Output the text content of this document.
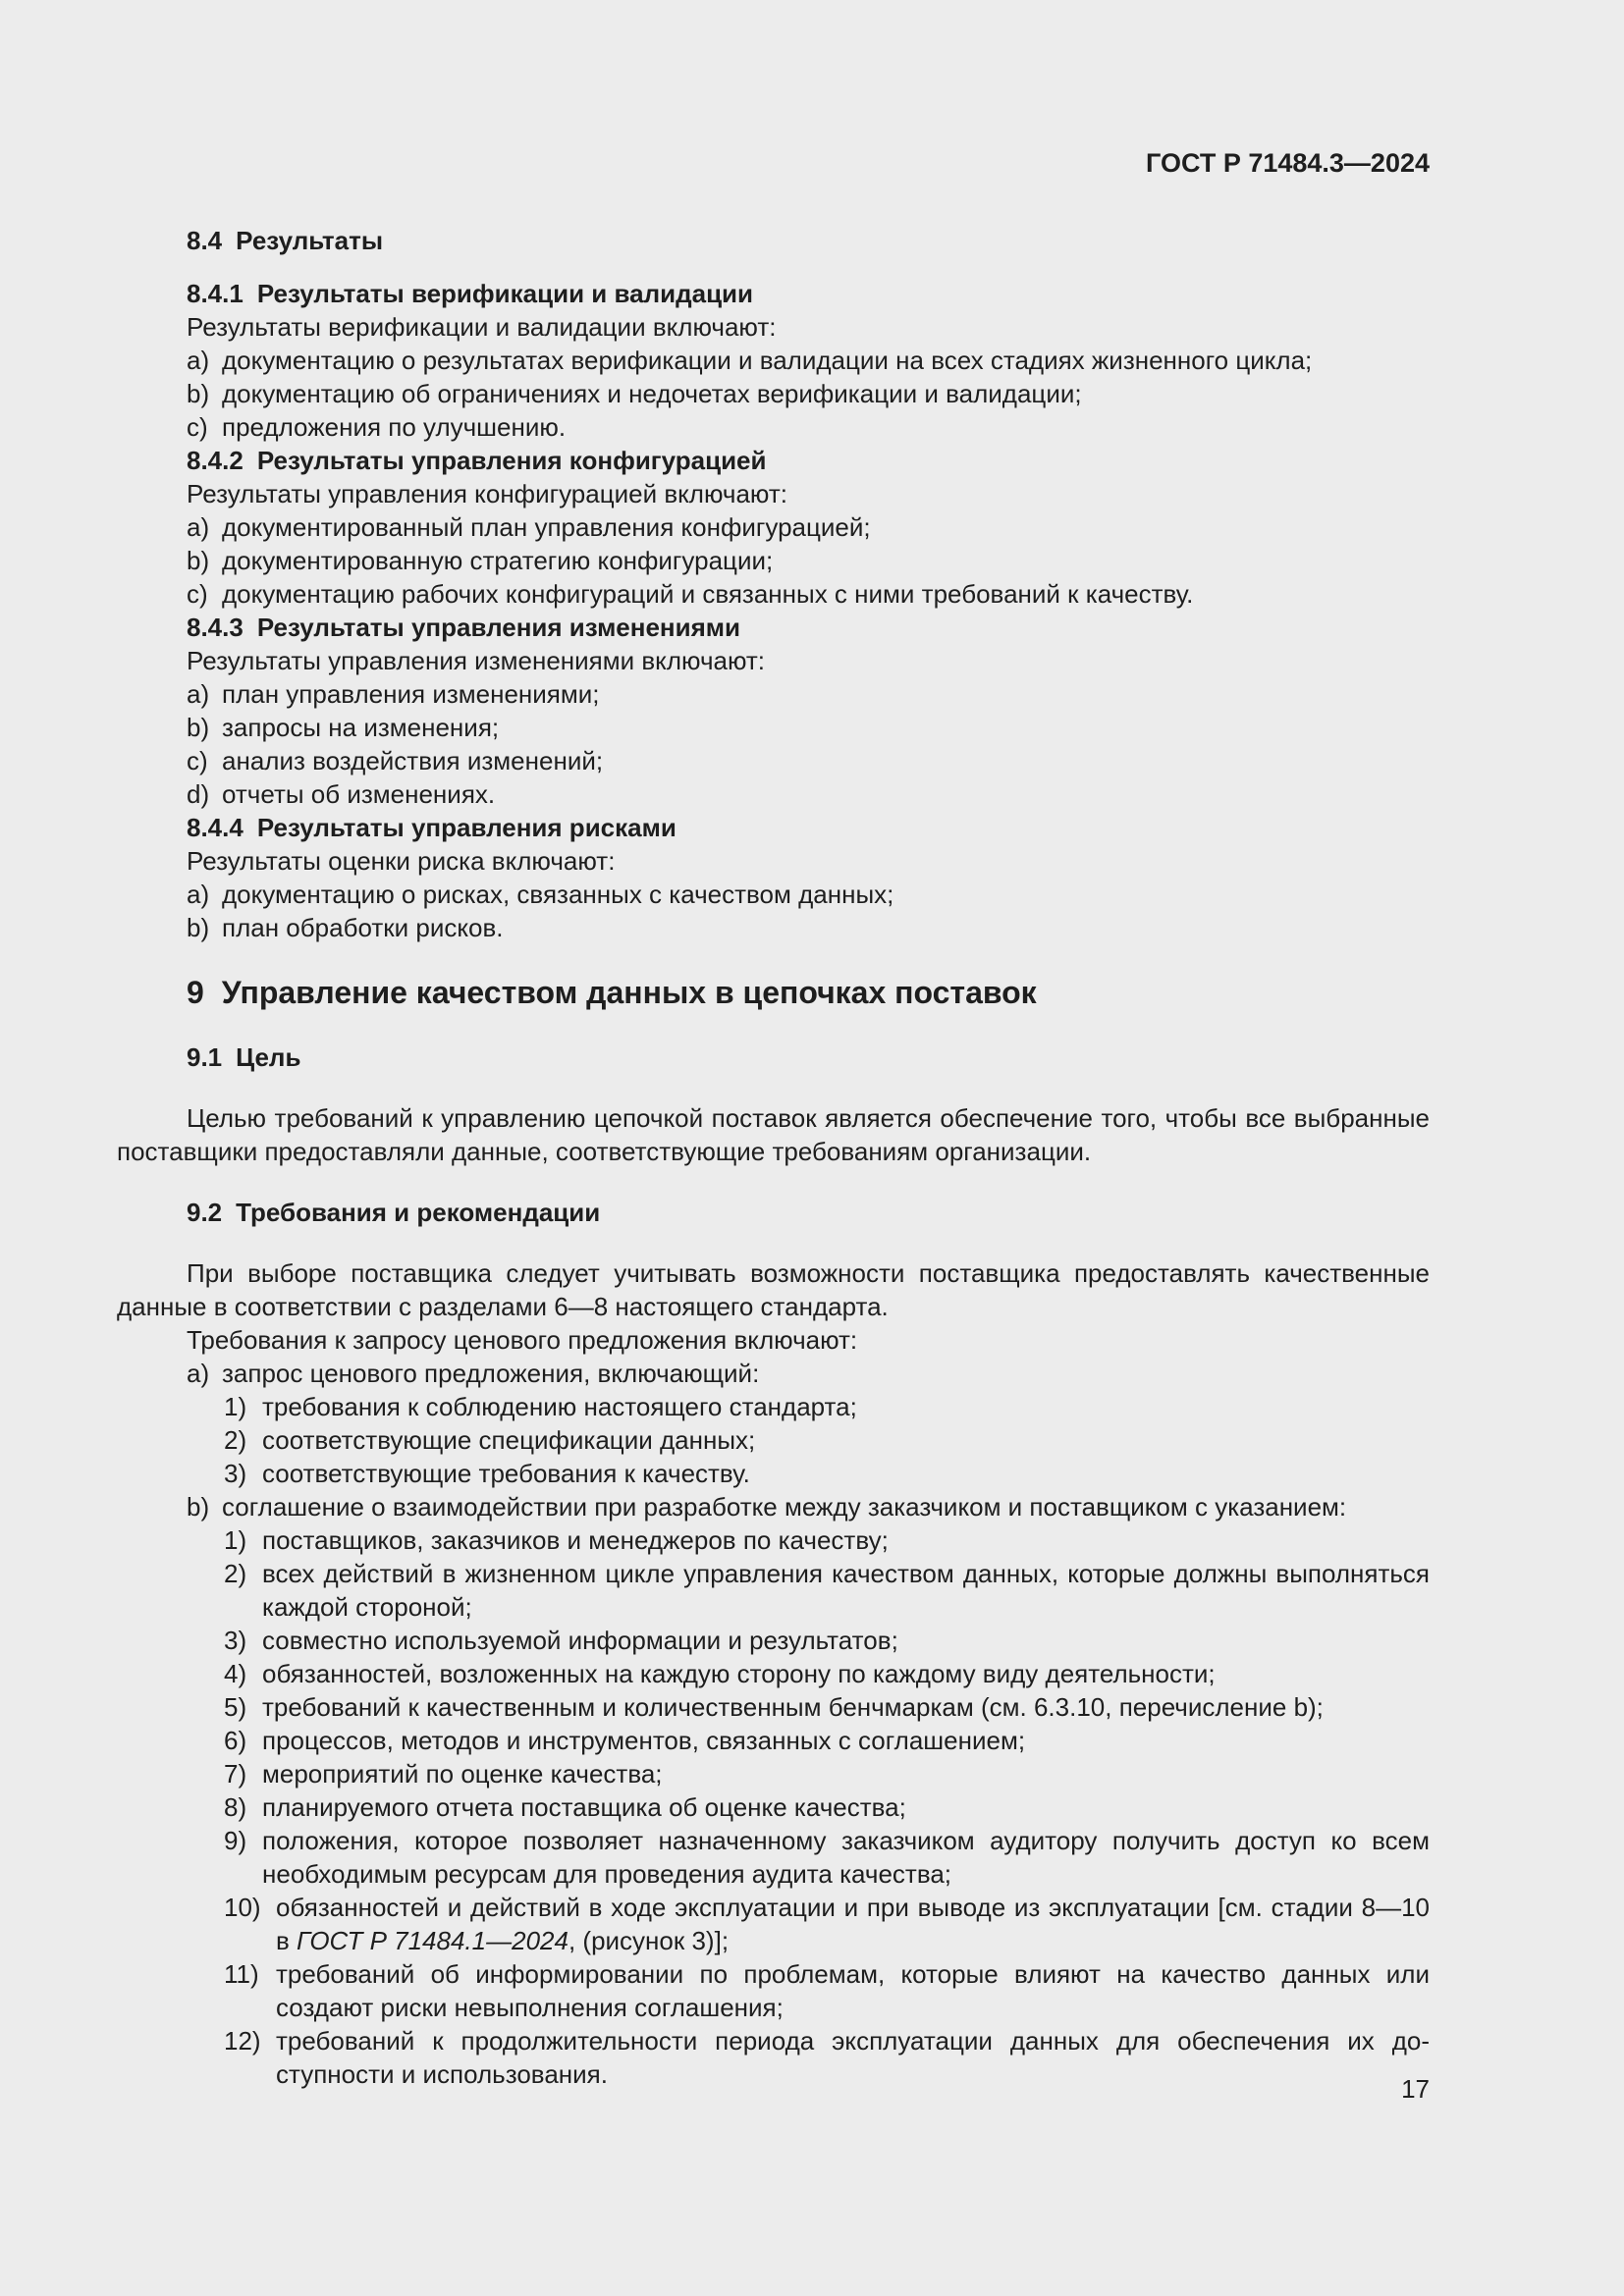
ГОСТ Р 71484.3—2024

8.4 Результаты

8.4.1 Результаты верификации и валидации

Результаты верификации и валидации включают:

a) документацию о результатах верификации и валидации на всех стадиях жизненного цикла;

b) документацию об ограничениях и недочетах верификации и валидации;

c) предложения по улучшению.

8.4.2 Результаты управления конфигурацией

Результаты управления конфигурацией включают:

a) документированный план управления конфигурацией;

b) документированную стратегию конфигурации;

c) документацию рабочих конфигураций и связанных с ними требований к качеству.

8.4.3 Результаты управления изменениями

Результаты управления изменениями включают:

a) план управления изменениями;

b) запросы на изменения;

c) анализ воздействия изменений;

d) отчеты об изменениях.

8.4.4 Результаты управления рисками

Результаты оценки риска включают:

a) документацию о рисках, связанных с качеством данных;

b) план обработки рисков.

9 Управление качеством данных в цепочках поставок

9.1 Цель

Целью требований к управлению цепочкой поставок является обеспечение того, чтобы все выбранные поставщики предоставляли данные, соответствующие требованиям организации.

9.2 Требования и рекомендации

При выборе поставщика следует учитывать возможности поставщика предоставлять качественные данные в соответствии с разделами 6—8 настоящего стандарта.

Требования к запросу ценового предложения включают:

a) запрос ценового предложения, включающий:

1) требования к соблюдению настоящего стандарта;

2) соответствующие спецификации данных;

3) соответствующие требования к качеству.

b) соглашение о взаимодействии при разработке между заказчиком и поставщиком с указанием:

1) поставщиков, заказчиков и менеджеров по качеству;

2) всех действий в жизненном цикле управления качеством данных, которые должны выполняться каждой стороной;

3) совместно используемой информации и результатов;

4) обязанностей, возложенных на каждую сторону по каждому виду деятельности;

5) требований к качественным и количественным бенчмаркам (см. 6.3.10, перечисление b);

6) процессов, методов и инструментов, связанных с соглашением;

7) мероприятий по оценке качества;

8) планируемого отчета поставщика об оценке качества;

9) положения, которое позволяет назначенному заказчиком аудитору получить доступ ко всем необходимым ресурсам для проведения аудита качества;

10) обязанностей и действий в ходе эксплуатации и при выводе из эксплуатации [см. стадии 8—10 в ГОСТ Р 71484.1—2024, (рисунок 3)];

11) требований об информировании по проблемам, которые влияют на качество данных или создают риски невыполнения соглашения;

12) требований к продолжительности периода эксплуатации данных для обеспечения их доступности и использования.	17
